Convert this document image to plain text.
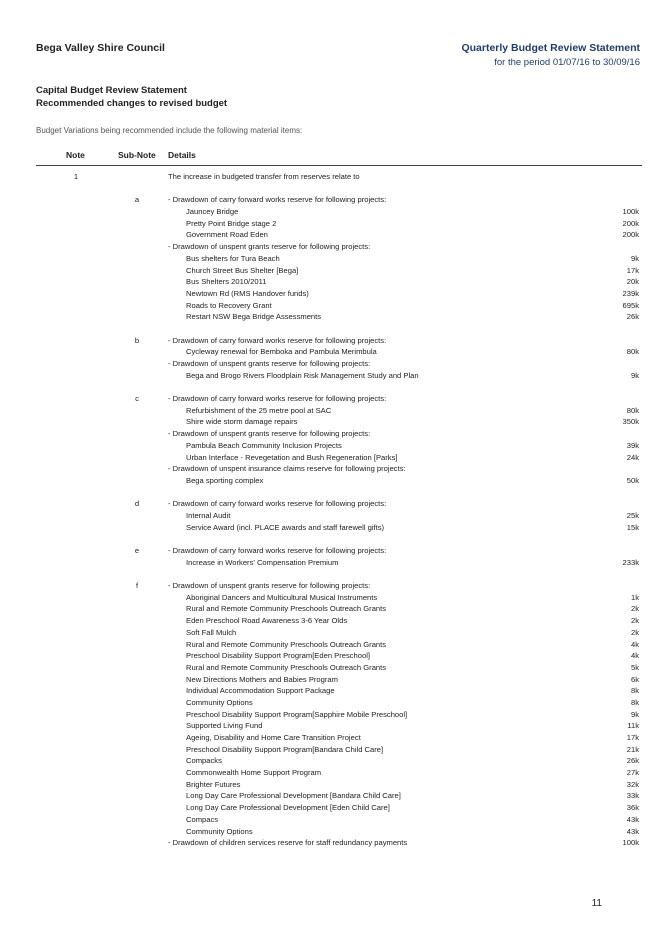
Bega Valley Shire Council	Quarterly Budget Review Statement
for the period 01/07/16 to 30/09/16
Capital Budget Review Statement
Recommended changes to revised budget
Budget Variations being recommended include the following material items:
Note	Sub-Note Details
1	The increase in budgeted transfer from reserves relate to
a	- Drawdown of carry forward works reserve for following projects:
Jauncey Bridge	100k
Pretty Point Bridge stage 2	200k
Government Road Eden	200k
- Drawdown of unspent grants reserve for following projects:
Bus shelters for Tura Beach	9k
Church Street Bus Shelter [Bega]	17k
Bus Shelters 2010/2011	20k
Newtown Rd (RMS Handover funds)	239k
Roads to Recovery Grant	695k
Restart NSW Bega Bridge Assessments	26k
b	- Drawdown of carry forward works reserve for following projects:
Cycleway renewal for Bemboka and Pambula Merimbula	80k
- Drawdown of unspent grants reserve for following projects:
Bega and Brogo Rivers Floodplain Risk Management Study and Plan	9k
c	- Drawdown of carry forward works reserve for following projects:
Refurbishment of the 25 metre pool at SAC	80k
Shire wide storm damage repairs	350k
- Drawdown of unspent grants reserve for following projects:
Pambula Beach Community Inclusion Projects	39k
Urban Interface - Revegetation and Bush Regeneration [Parks]	24k
- Drawdown of unspent insurance claims reserve for following projects:
Bega sporting complex	50k
d	- Drawdown of carry forward works reserve for following projects:
Internal Audit	25k
Service Award (incl. PLACE awards and staff farewell gifts)	15k
e	- Drawdown of carry forward works reserve for following projects:
Increase in Workers' Compensation Premium	233k
f	- Drawdown of unspent grants reserve for following projects:
Aboriginal Dancers and Multicultural Musical Instruments	1k
Rural and Remote Community Preschools Outreach Grants	2k
Eden Preschool Road Awareness 3-6 Year Olds	2k
Soft Fall Mulch	2k
Rural and Remote Community Preschools Outreach Grants	4k
Preschool Disability Support Program[Eden Preschool]	4k
Rural and Remote Community Preschools Outreach Grants	5k
New Directions Mothers and Babies Program	6k
Individual Accommodation Support Package	8k
Community Options	8k
Preschool Disability Support Program[Sapphire Mobile Preschool]	9k
Supported Living Fund	11k
Ageing, Disability and Home Care Transition Project	17k
Preschool Disability Support Program[Bandara Child Care]	21k
Compacks	26k
Commonwealth Home Support Program	27k
Brighter Futures	32k
Long Day Care Professional Development [Bandara Child Care]	33k
Long Day Care Professional Development [Eden Child Care]	36k
Compacs	43k
Community Options	43k
- Drawdown of children services reserve for staff redundancy payments	100k
11
